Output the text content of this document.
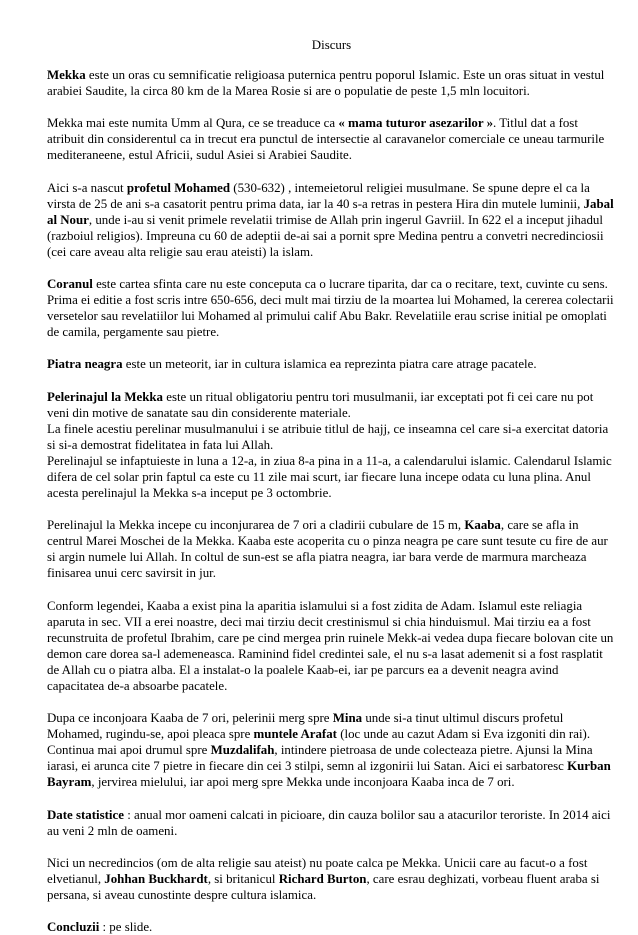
Discurs

Mekka este un oras cu semnificatie religioasa puternica pentru poporul Islamic. Este un oras situat in vestul arabiei Saudite, la circa 80 km de la Marea Rosie si are o populatie de peste 1,5 mln locuitori.

Mekka mai este numita Umm al Qura, ce se treaduce ca « mama tuturor asezarilor ». Titlul dat a fost atribuit din considerentul ca in trecut era punctul de intersectie al caravanelor comerciale ce uneau tarmurile mediteraneene, estul Africii, sudul Asiei si Arabiei Saudite.

Aici s-a nascut profetul Mohamed (530-632) , intemeietorul religiei musulmane. Se spune depre el ca la virsta de 25 de ani s-a casatorit pentru prima data, iar la 40 s-a retras in pestera Hira din mutele luminii, Jabal al Nour, unde i-au si venit primele revelatii trimise de Allah prin ingerul Gavriil. In 622 el a inceput jihadul (razboiul religios). Impreuna cu 60 de adeptii de-ai sai a pornit spre Medina pentru a convetri necredinciosii (cei care aveau alta religie sau erau ateisti) la islam.

Coranul este cartea sfinta care nu este conceputa ca o lucrare tiparita, dar ca o recitare, text, cuvinte cu sens. Prima ei editie a fost scris intre 650-656, deci mult mai tirziu de la moartea lui Mohamed, la cererea colectarii versetelor sau revelatiilor lui Mohamed al primului calif Abu Bakr. Revelatiile erau scrise initial pe omoplati de camila, pergamente sau pietre.

Piatra neagra este un meteorit, iar in cultura islamica ea reprezinta piatra care atrage pacatele.

Pelerinajul la Mekka este un ritual obligatoriu pentru tori musulmanii, iar exceptati pot fi cei care nu pot veni din motive de sanatate sau din considerente materiale.
La finele acestiu perelinar musulmanului i se atribuie titlul de hajj, ce inseamna cel care si-a exercitat datoria si si-a demostrat fidelitatea in fata lui Allah.
Perelinajul se infaptuieste in luna a 12-a, in ziua 8-a pina in a 11-a, a calendarului islamic. Calendarul Islamic difera de cel solar prin faptul ca este cu 11 zile mai scurt, iar fiecare luna incepe odata cu luna plina. Anul acesta perelinajul la Mekka s-a inceput pe 3 octombrie.

Perelinajul la Mekka incepe cu inconjurarea de 7 ori a cladirii cubulare de 15 m, Kaaba, care se afla in centrul Marei Moschei de la Mekka. Kaaba este acoperita cu o pinza neagra pe care sunt tesute cu fire de aur si argin numele lui Allah. In coltul de sun-est se afla piatra neagra, iar bara verde de marmura marcheaza finisarea unui cerc savirsit in jur.

Conform legendei, Kaaba a exist pina la aparitia islamului si a fost zidita de Adam. Islamul este reliagia aparuta in sec. VII a erei noastre, deci mai tirziu decit crestinismul si chia hinduismul. Mai tirziu ea a fost recunstruita de profetul Ibrahim, care pe cind mergea prin ruinele Mekk-ai vedea dupa fiecare bolovan cite un demon care dorea sa-l ademeneasca. Raminind fidel credintei sale, el nu s-a lasat ademenit si a fost rasplatit de Allah cu o piatra alba. El a instalat-o la poalele Kaab-ei, iar pe parcurs ea a devenit neagra avind capacitatea de-a absoarbe pacatele.

Dupa ce inconjoara Kaaba de 7 ori, pelerinii merg spre Mina unde si-a tinut ultimul discurs profetul Mohamed, rugindu-se, apoi pleaca spre muntele Arafat (loc unde au cazut Adam si Eva izgoniti din rai). Continua mai apoi drumul spre Muzdalifah, intindere pietroasa de unde colecteaza pietre. Ajunsi la Mina iarasi, ei arunca cite 7 pietre in fiecare din cei 3 stilpi, semn al izgonirii lui Satan. Aici ei sarbatoresc Kurban Bayram, jervirea mielului, iar apoi merg spre Mekka unde inconjoara Kaaba inca de 7 ori.

Date statistice : anual mor oameni calcati in picioare, din cauza bolilor sau a atacurilor teroriste. In 2014 aici au veni 2 mln de oameni.

Nici un necredincios (om de alta religie sau ateist) nu poate calca pe Mekka. Unicii care au facut-o a fost elvetianul, Johhan Buckhardt, si britanicul Richard Burton, care esrau deghizati, vorbeau fluent araba si persana, si aveau cunostinte despre cultura islamica.

Concluzii : pe slide.
